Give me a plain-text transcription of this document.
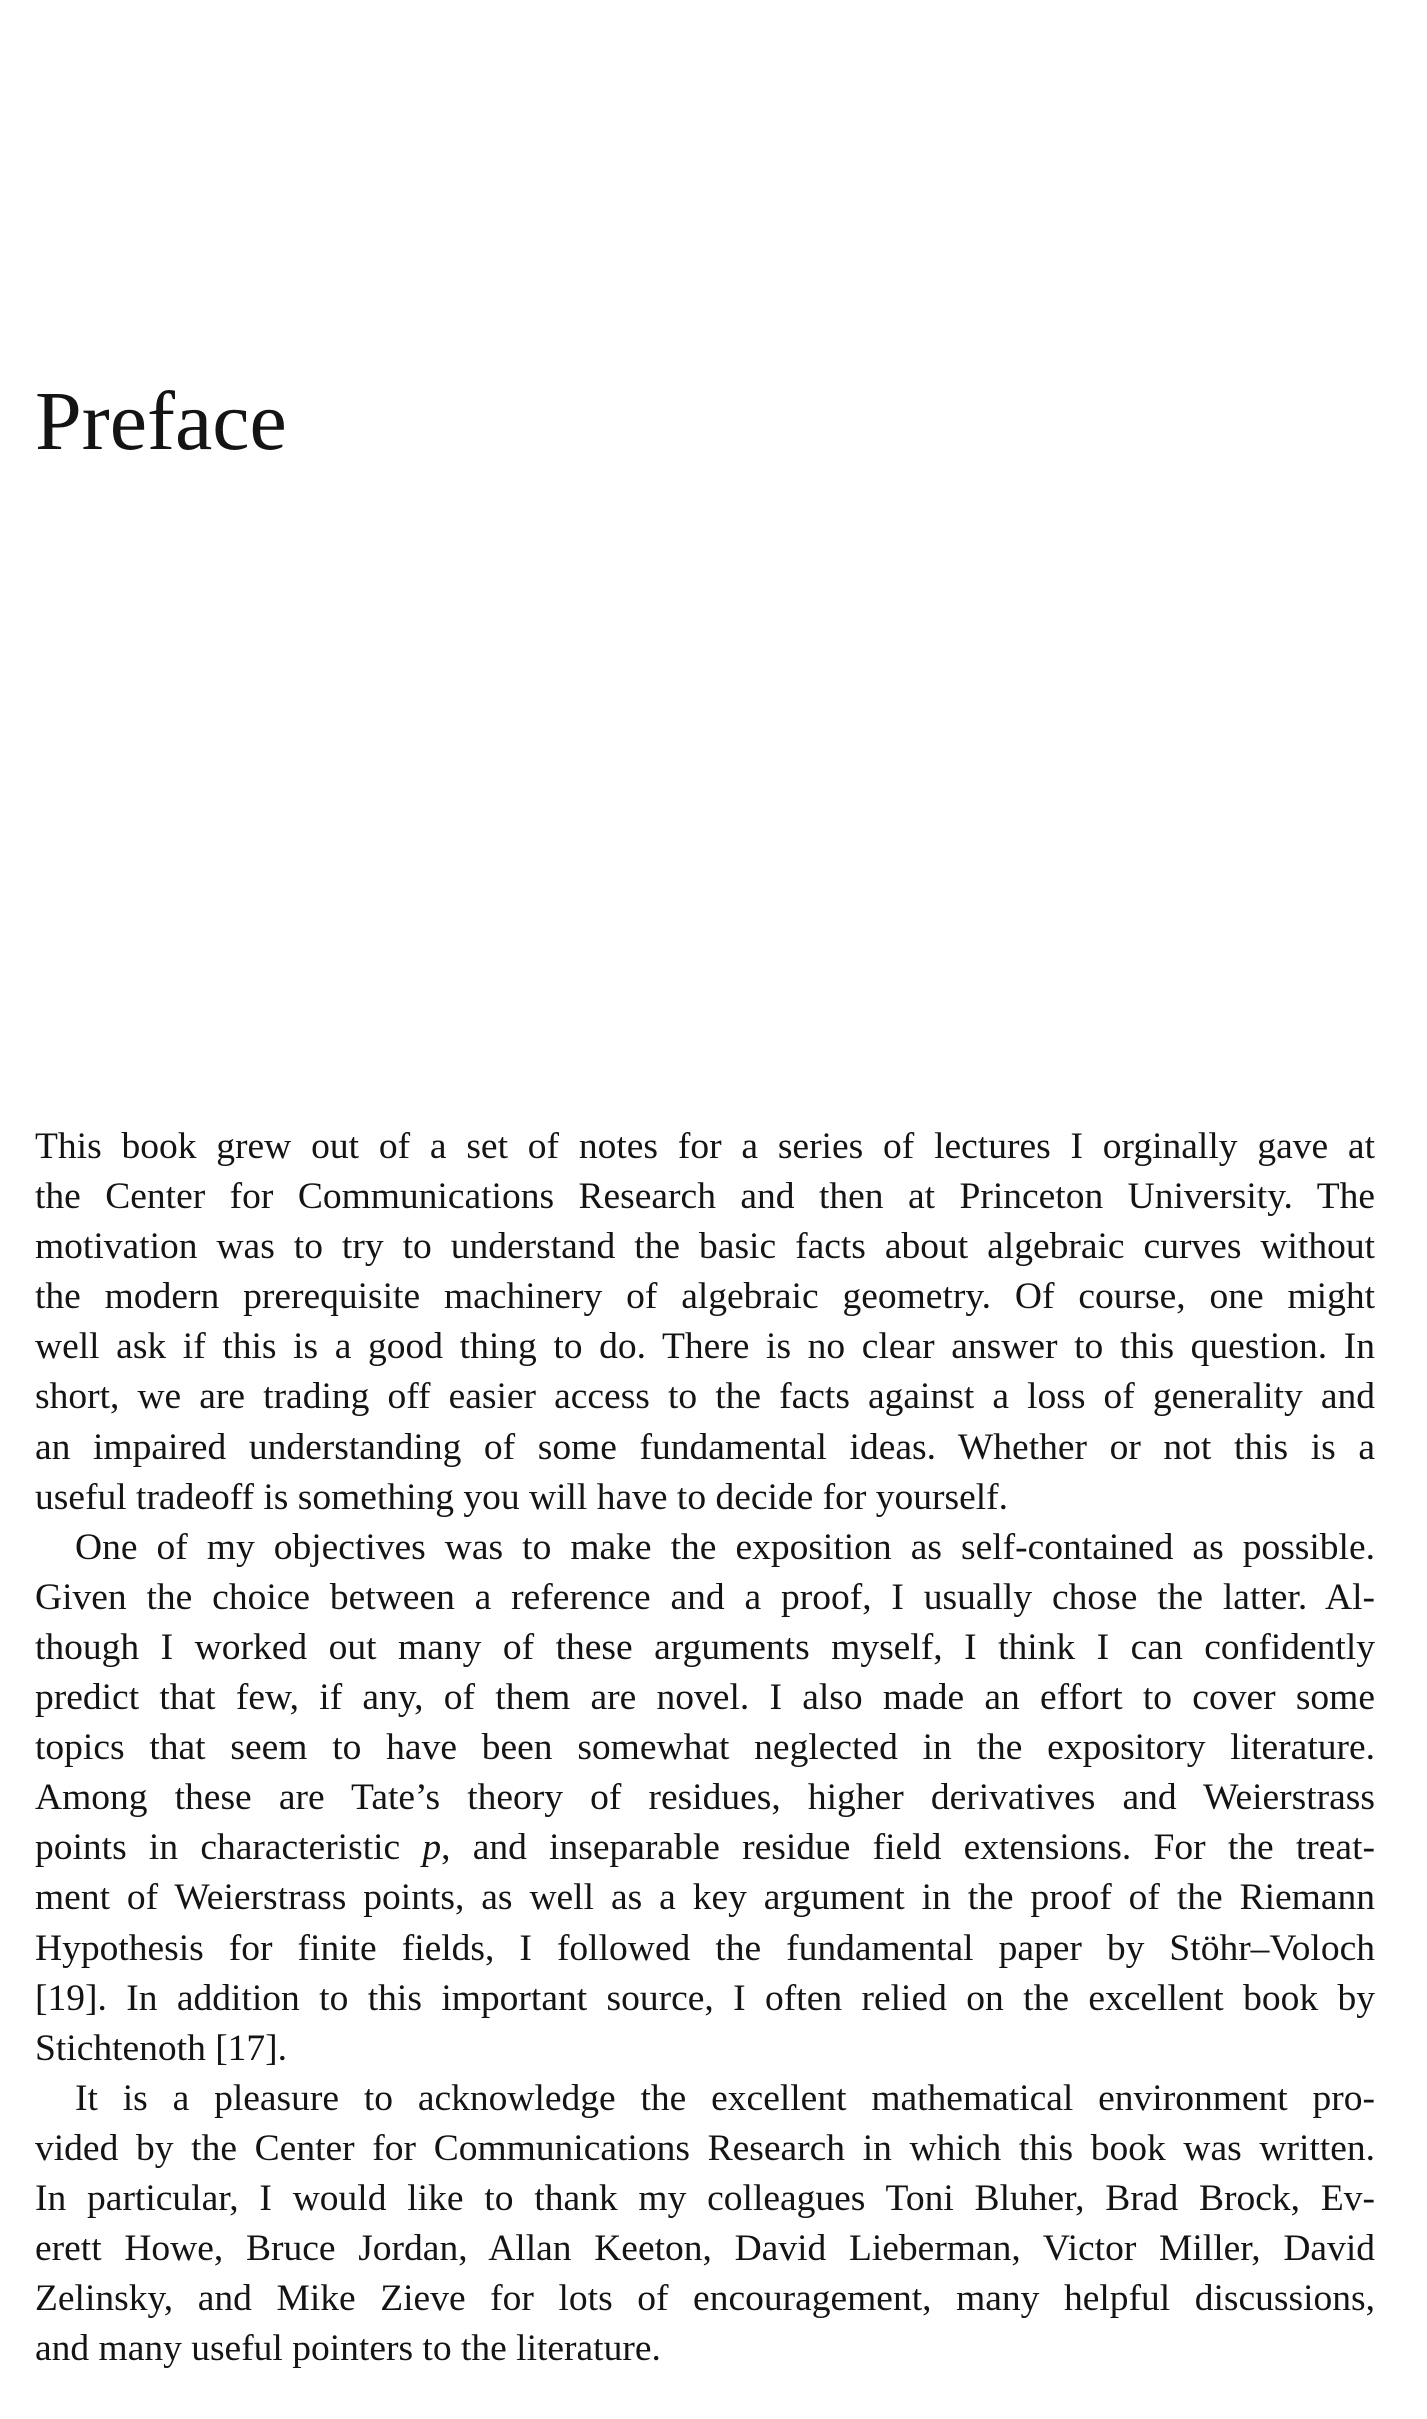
Preface
This book grew out of a set of notes for a series of lectures I orginally gave at
the Center for Communications Research and then at Princeton University. The
motivation was to try to understand the basic facts about algebraic curves without
the modern prerequisite machinery of algebraic geometry. Of course, one might
well ask if this is a good thing to do. There is no clear answer to this question. In
short, we are trading off easier access to the facts against a loss of generality and
an impaired understanding of some fundamental ideas. Whether or not this is a
useful tradeoff is something you will have to decide for yourself.
One of my objectives was to make the exposition as self-contained as possible.
Given the choice between a reference and a proof, I usually chose the latter. Al-
though I worked out many of these arguments myself, I think I can confidently
predict that few, if any, of them are novel. I also made an effort to cover some
topics that seem to have been somewhat neglected in the expository literature.
Among these are Tate’s theory of residues, higher derivatives and Weierstrass
points in characteristic p, and inseparable residue field extensions. For the treat-
ment of Weierstrass points, as well as a key argument in the proof of the Riemann
Hypothesis for finite fields, I followed the fundamental paper by Stöhr–Voloch
[19]. In addition to this important source, I often relied on the excellent book by
Stichtenoth [17].
It is a pleasure to acknowledge the excellent mathematical environment pro-
vided by the Center for Communications Research in which this book was written.
In particular, I would like to thank my colleagues Toni Bluher, Brad Brock, Ev-
erett Howe, Bruce Jordan, Allan Keeton, David Lieberman, Victor Miller, David
Zelinsky, and Mike Zieve for lots of encouragement, many helpful discussions,
and many useful pointers to the literature.
